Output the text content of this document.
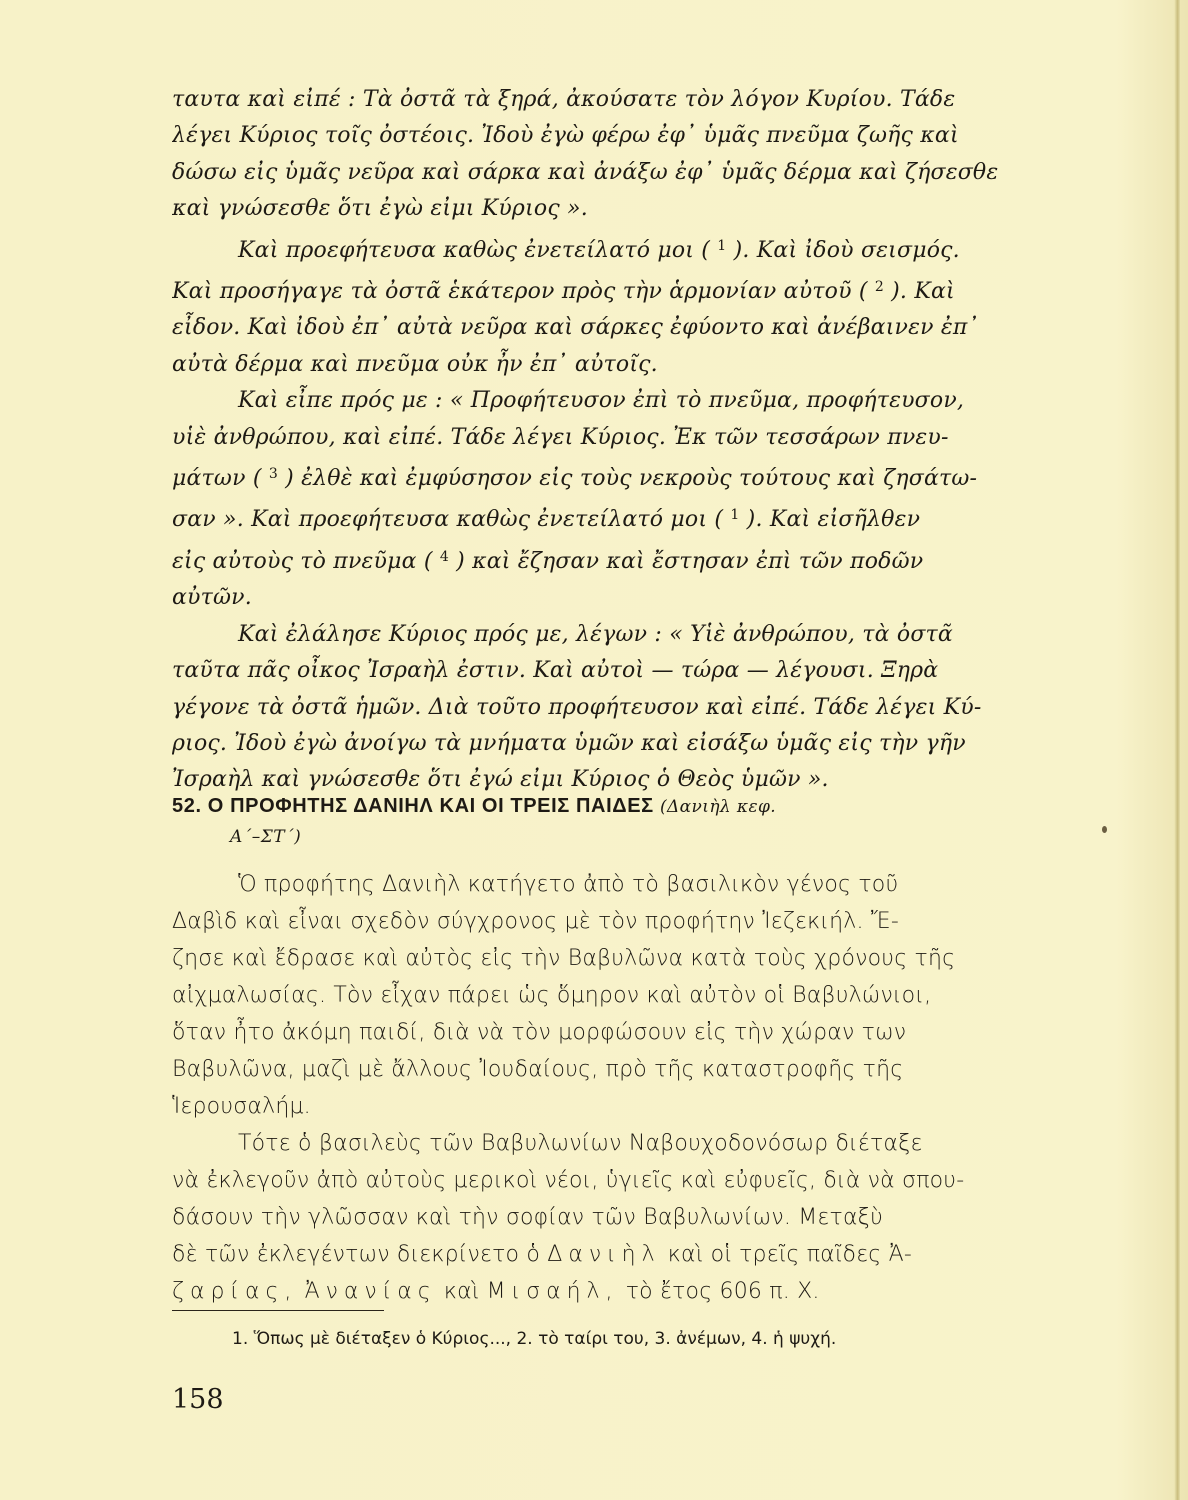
ταυτα καὶ εἰπέ : Τὰ ὀστᾶ τὰ ξηρά, ἀκούσατε τὸν λόγον Κυρίου. Τάδε
λέγει Κύριος τοῖς ὀστέοις. Ἰδοὺ ἐγὼ φέρω ἐφ᾽ ὑμᾶς πνεῦμα ζωῆς καὶ
δώσω εἰς ὑμᾶς νεῦρα καὶ σάρκα καὶ ἀνάξω ἐφ᾽ ὑμᾶς δέρμα καὶ ζήσεσθε
καὶ γνώσεσθε ὅτι ἐγὼ εἰμι Κύριος ».
Καὶ προεφήτευσα καθὼς ἐνετείλατό μοι ( $^1$ ). Καὶ ἰδοὺ σεισμός.
Καὶ προσήγαγε τὰ ὀστᾶ ἑκάτερον πρὸς τὴν ἁρμονίαν αὐτοῦ ( $^2$ ). Καὶ
εἶδον. Καὶ ἰδοὺ ἐπ᾽ αὐτὰ νεῦρα καὶ σάρκες ἐφύοντο καὶ ἀνέβαινεν ἐπ᾽
αὐτὰ δέρμα καὶ πνεῦμα οὐκ ἦν ἐπ᾽ αὐτοῖς.
Καὶ εἶπε πρός με : « Προφήτευσον ἐπὶ τὸ πνεῦμα, προφήτευσον,
υἱὲ ἀνθρώπου, καὶ εἰπέ. Τάδε λέγει Κύριος. Ἐκ τῶν τεσσάρων πνευ-
μάτων ( $^3$ ) ἐλθὲ καὶ ἐμφύσησον εἰς τοὺς νεκροὺς τούτους καὶ ζησάτω-
σαν ». Καὶ προεφήτευσα καθὼς ἐνετείλατό μοι ( $^1$ ). Καὶ εἰσῆλθεν
εἰς αὐτοὺς τὸ πνεῦμα ( $^4$ ) καὶ ἔζησαν καὶ ἔστησαν ἐπὶ τῶν ποδῶν
αὐτῶν.
Καὶ ἐλάλησε Κύριος πρός με, λέγων : « Υἱὲ ἀνθρώπου, τὰ ὀστᾶ
ταῦτα πᾶς οἶκος Ἰσραὴλ ἐστιν. Καὶ αὐτοὶ — τώρα — λέγουσι. Ξηρὰ
γέγονε τὰ ὀστᾶ ἡμῶν. Διὰ τοῦτο προφήτευσον καὶ εἰπέ. Τάδε λέγει Κύ-
ριος. Ἰδοὺ ἐγὼ ἀνοίγω τὰ μνήματα ὑμῶν καὶ εἰσάξω ὑμᾶς εἰς τὴν γῆν
Ἰσραὴλ καὶ γνώσεσθε ὅτι ἐγώ εἰμι Κύριος ὁ Θεὸς ὑμῶν ».
52. Ο ΠΡΟΦΗΤΗΣ ΔΑΝΙΗΛ ΚΑΙ ΟΙ ΤΡΕΙΣ ΠΑΙΔΕΣ (Δανιὴλ κεφ.
Α΄–ΣΤ΄)
Ὁ προφήτης Δανιὴλ κατήγετο ἀπὸ τὸ βασιλικὸν γένος τοῦ
Δαβὶδ καὶ εἶναι σχεδὸν σύγχρονος μὲ τὸν προφήτην Ἰεζεκιήλ. Ἔ-
ζησε καὶ ἔδρασε καὶ αὐτὸς εἰς τὴν Βαβυλῶνα κατὰ τοὺς χρόνους τῆς
αἰχμαλωσίας. Τὸν εἶχαν πάρει ὡς ὅμηρον καὶ αὐτὸν οἱ Βαβυλώνιοι,
ὅταν ἦτο ἀκόμη παιδί, διὰ νὰ τὸν μορφώσουν εἰς τὴν χώραν των
Βαβυλῶνα, μαζὶ μὲ ἄλλους Ἰουδαίους, πρὸ τῆς καταστροφῆς τῆς
Ἱερουσαλήμ.
Τότε ὁ βασιλεὺς τῶν Βαβυλωνίων Ναβουχοδονόσωρ διέταξε
νὰ ἐκλεγοῦν ἀπὸ αὐτοὺς μερικοὶ νέοι, ὑγιεῖς καὶ εὐφυεῖς, διὰ νὰ σπου-
δάσουν τὴν γλῶσσαν καὶ τὴν σοφίαν τῶν Βαβυλωνίων. Μεταξὺ
δὲ τῶν ἐκλεγέντων διεκρίνετο ὁ Δανιὴλ καὶ οἱ τρεῖς παῖδες Ἀ-
ζαρίας, Ἀνανίας καὶ Μισαήλ, τὸ ἔτος 606 π. Χ.
1. Ὅπως μὲ διέταξεν ὁ Κύριος..., 2. τὸ ταίρι του, 3. ἀνέμων, 4. ἡ ψυχή.
158
